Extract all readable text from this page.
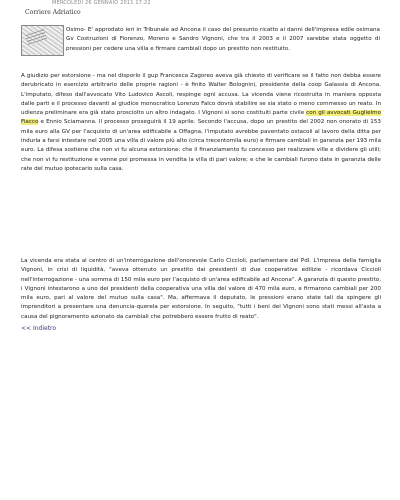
MERCOLEDÌ 26 GENNAIO 2011 17:22
Corriere Adriatico
Osimo- E' approdato ieri in Tribunale ad Ancona il caso del presunto ricatto ai danni dell'impresa edile osimana Gv Costruzioni di Fiorenzo, Moreno e Sandro Vignoni, che tra il 2003 e il 2007 sarebbe stata oggetto di pressioni per cedere una villa e firmare cambiali dopo un prestito non restituito.
A giudizio per estorsione - ma nel disporlo il gup Francesca Zagoreo aveva già chiesto di verificare se il fatto non debba essere derubricato in esercizio arbitrario delle proprie ragioni - è finito Walter Bolognini, presidente della coop Galassia di Ancona. L'imputato, difeso dall'avvocato Vito Ludovico Ascoli, respinge ogni accusa. La vicenda viene ricostruita in maniera opposta dalle parti e il processo davanti al giudice monocratico Lorenzo Falco dovrà stabilire se sia stato o meno commesso un reato. In udienza preliminare era già stato prosciolto un altro indagato. I Vignoni si sono costituiti parte civile con gli avvocati Guglielmo Fiacco e Ennio Sciamanna. Il processo proseguirà il 19 aprile. Secondo l'accusa, dopo un prestito del 2002 non onorato di 153 mila euro alla GV per l'acquisto di un'area edificabile a Offagna, l'imputato avrebbe paventato ostacoli al lavoro della ditta per indurla a farsi intestare nel 2005 una villa di valore più alto (circa trecentomila euro) e firmare cambiali in garanzia per 193 mila euro. La difesa sostiene che non vi fu alcuna estorsione: che il finanziamento fu concesso per realizzare ville e dividere gli utili; che non vi fu restituzione e venne poi promessa in vendita la villa di pari valore; e che le cambiali furono date in garanzia delle rate del mutuo ipotecario sulla casa.
La vicenda era stata al centro di un'interrogazione dell'onorevole Carlo Ciccioli, parlamentare del Pdl. L'impresa della famiglia Vignoni, in crisi di liquidità, "aveva ottenuto un prestito dai presidenti di due cooperative edilizie - ricordava Ciccioli nell'interrogazione - una somma di 150 mila euro per l'acquisto di un'area edificabile ad Ancona". A garanzia di questo prestito, i Vignoni intestarono a uno dei presidenti della cooperativa una villa del valore di 470 mila euro, e firmarono cambiali per 200 mila euro, pari al valore del mutuo sulla casa". Ma, affermava il deputato, le pressioni erano state tali da spingere gli imprenditori a presentare una denuncia-querela per estorsione. In seguito, "tutti i beni dei Vignoni sono stati messi all'asta a causa del pignoramento azionato da cambiali che potrebbero essere frutto di reato".
<< Indietro
